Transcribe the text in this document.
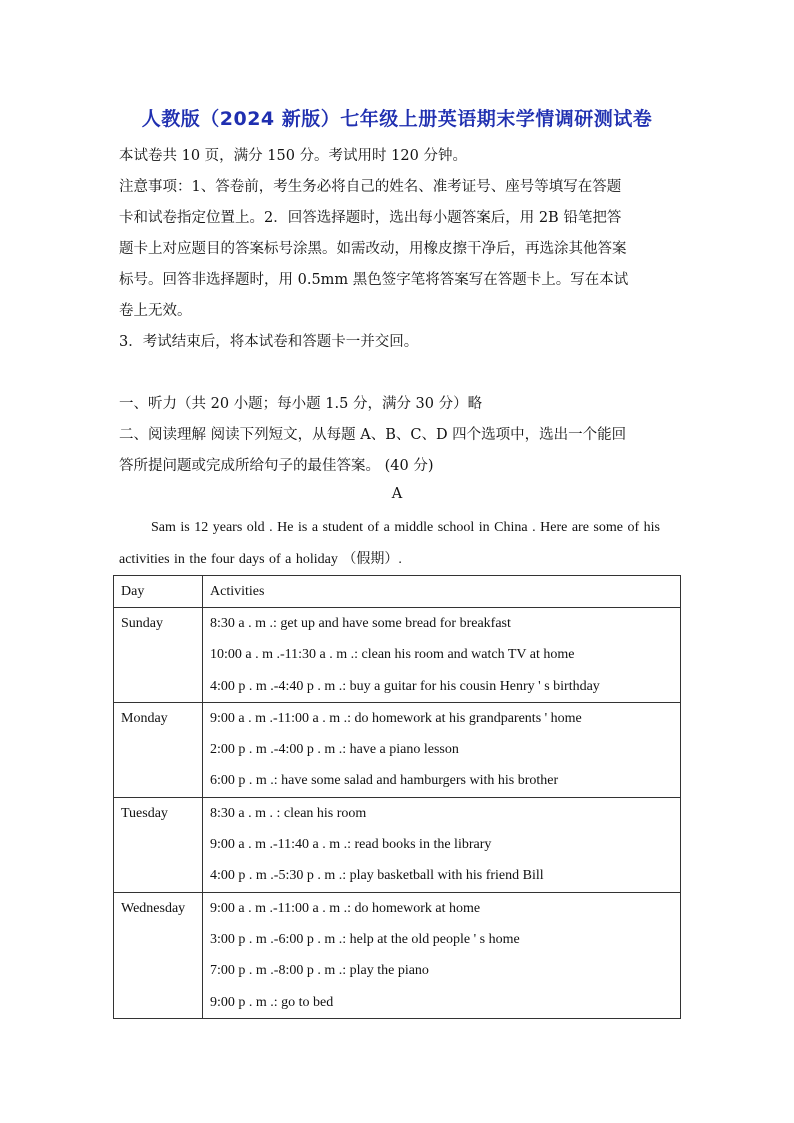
人教版（2024 新版）七年级上册英语期末学情调研测试卷
本试卷共 10 页，满分 150 分。考试用时 120 分钟。
注意事项：1、答卷前，考生务必将自己的姓名、准考证号、座号等填写在答题
卡和试卷指定位置上。2．回答选择题时，选出每小题答案后，用 2B 铅笔把答
题卡上对应题目的答案标号涂黑。如需改动，用橡皮擦干净后，再选涂其他答案
标号。回答非选择题时，用 0.5mm 黑色签字笔将答案写在答题卡上。写在本试
卷上无效。
3．考试结束后，将本试卷和答题卡一并交回。
一、听力（共 20 小题；每小题 1.5 分，满分 30 分）略
二、阅读理解 阅读下列短文，从每题 A、B、C、D 四个选项中，选出一个能回
答所提问题或完成所给句子的最佳答案。 (40 分)
A
Sam is 12 years old . He is a student of a middle school in China . Here are some of his activities in the four days of a holiday （假期）.
Day	Activities

Sunday	8:30 a . m .: get up and have some bread for breakfast
10:00 a . m .-11:30 a . m .: clean his room and watch TV at home
4:00 p . m .-4:40 p . m .: buy a guitar for his cousin Henry ' s birthday

Monday	9:00 a . m .-11:00 a . m .: do homework at his grandparents ' home
2:00 p . m .-4:00 p . m .: have a piano lesson
6:00 p . m .: have some salad and hamburgers with his brother

Tuesday	8:30 a . m . : clean his room
9:00 a . m .-11:40 a . m .: read books in the library
4:00 p . m .-5:30 p . m .: play basketball with his friend Bill

Wednesday	9:00 a . m .-11:00 a . m .: do homework at home
3:00 p . m .-6:00 p . m .: help at the old people ' s home
7:00 p . m .-8:00 p . m .: play the piano
9:00 p . m .: go to bed
